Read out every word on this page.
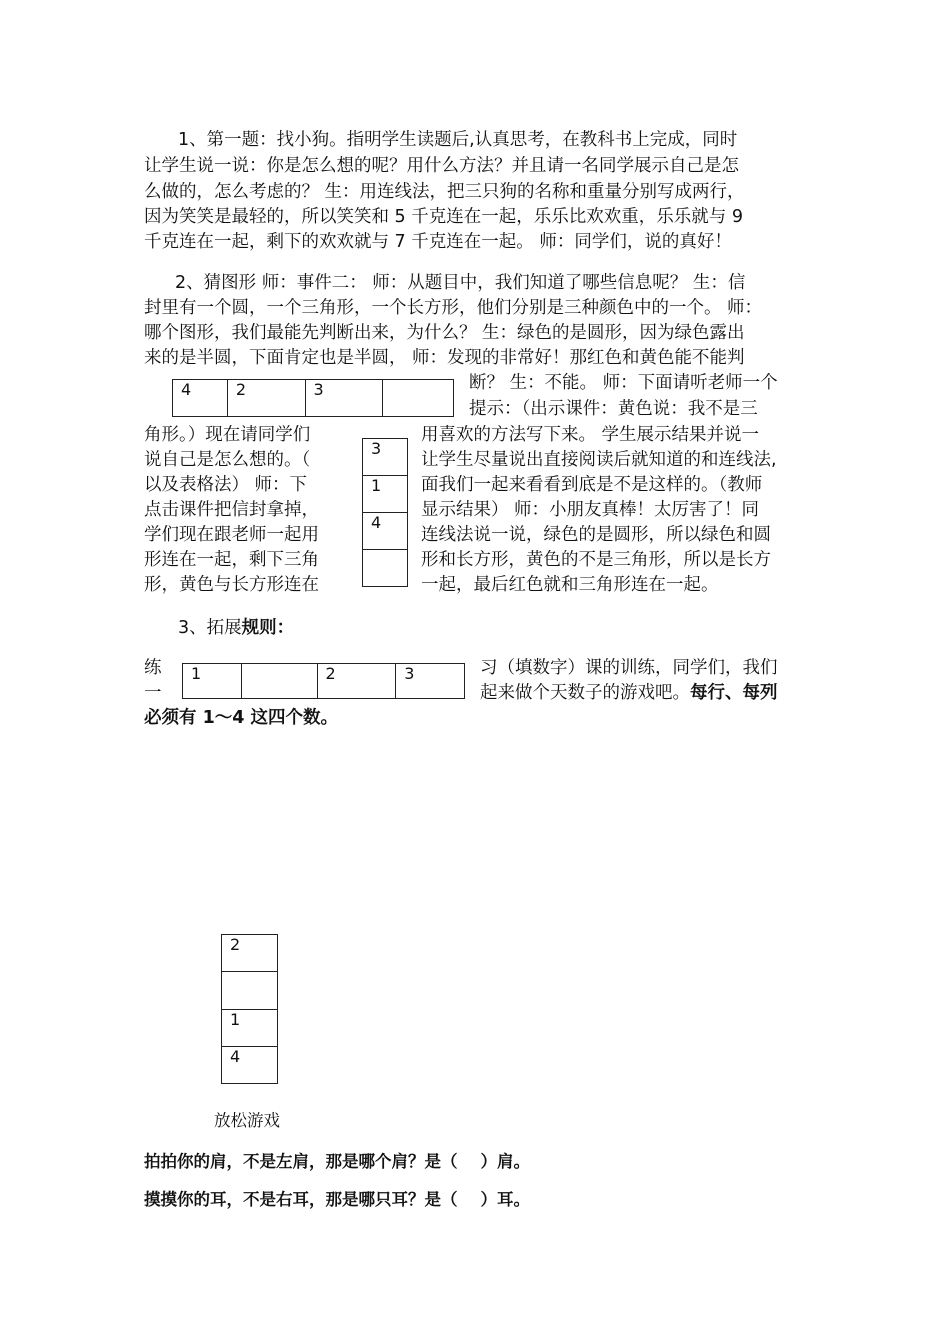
1、第一题：找小狗。指明学生读题后,认真思考，在教科书上完成，同时
让学生说一说：你是怎么想的呢？用什么方法？并且请一名同学展示自己是怎
么做的，怎么考虑的？ 生：用连线法，把三只狗的名称和重量分别写成两行，
因为笑笑是最轻的，所以笑笑和 5 千克连在一起，乐乐比欢欢重，乐乐就与 9
千克连在一起，剩下的欢欢就与 7 千克连在一起。 师：同学们，说的真好！
2、猜图形 师：事件二： 师：从题目中，我们知道了哪些信息呢？ 生：信
封里有一个圆，一个三角形，一个长方形，他们分别是三种颜色中的一个。 师：
哪个图形，我们最能先判断出来，为什么？ 生：绿色的是圆形，因为绿色露出
来的是半圆，下面肯定也是半圆， 师：发现的非常好！那红色和黄色能不能判
4	2	3		断？ 生：不能。 师：下面请听老师一个
提示：（出示课件：黄色说：我不是三
角形。）现在请同学们
说自己是怎么想的。（
以及表格法） 师：下
点击课件把信封拿掉，
学们现在跟老师一起用
形连在一起，剩下三角
形，黄色与长方形连在
3
1
4

用喜欢的方法写下来。 学生展示结果并说一
让学生尽量说出直接阅读后就知道的和连线法,
面我们一起来看看到底是不是这样的。（教师
显示结果） 师：小朋友真棒！太厉害了！同
连线法说一说，绿色的是圆形，所以绿色和圆
形和长方形，黄色的不是三角形，所以是长方
一起，最后红色就和三角形连在一起。
3、拓展规则：
练
一
1		2	3	习（填数字）课的训练，同学们，我们
起来做个天数子的游戏吧。每行、每列
必须有 1～4 这四个数。
2

1
4
放松游戏
拍拍你的肩，不是左肩，那是哪个肩？是（    ）肩。
摸摸你的耳，不是右耳，那是哪只耳？是（    ）耳。
